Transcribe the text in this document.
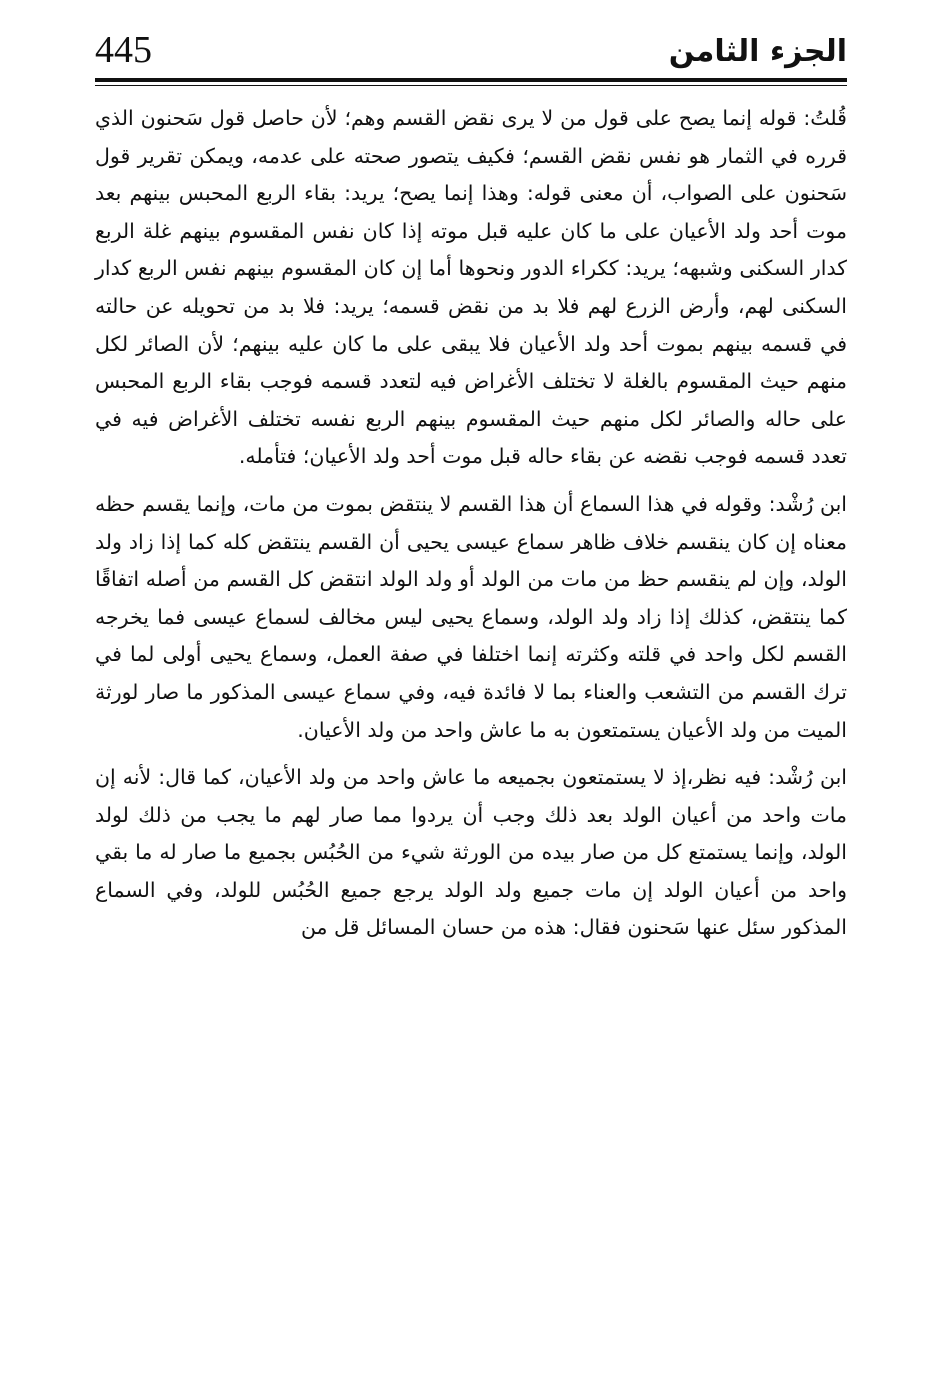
445	الجزء الثامن

قُلتُ: قوله إنما يصح على قول من لا يرى نقض القسم وهم؛ لأن حاصل قول سَحنون الذي قرره في الثمار هو نفس نقض القسم؛ فكيف يتصور صحته على عدمه، ويمكن تقرير قول سَحنون على الصواب، أن معنى قوله: وهذا إنما يصح؛ يريد: بقاء الربع المحبس بينهم بعد موت أحد ولد الأعيان على ما كان عليه قبل موته إذا كان نفس المقسوم بينهم غلة الربع كدار السكنى وشبهه؛ يريد: ككراء الدور ونحوها أما إن كان المقسوم بينهم نفس الربع كدار السكنى لهم، وأرض الزرع لهم فلا بد من نقض قسمه؛ يريد: فلا بد من تحويله عن حالته في قسمه بينهم بموت أحد ولد الأعيان فلا يبقى على ما كان عليه بينهم؛ لأن الصائر لكل منهم حيث المقسوم بالغلة لا تختلف الأغراض فيه لتعدد قسمه فوجب بقاء الربع المحبس على حاله والصائر لكل منهم حيث المقسوم بينهم الربع نفسه تختلف الأغراض فيه في تعدد قسمه فوجب نقضه عن بقاء حاله قبل موت أحد ولد الأعيان؛ فتأمله.

ابن رُشْد: وقوله في هذا السماع أن هذا القسم لا ينتقض بموت من مات، وإنما يقسم حظه معناه إن كان ينقسم خلاف ظاهر سماع عيسى يحيى أن القسم ينتقض كله كما إذا زاد ولد الولد، وإن لم ينقسم حظ من مات من الولد أو ولد الولد انتقض كل القسم من أصله اتفاقًا كما ينتقض، كذلك إذا زاد ولد الولد، وسماع يحيى ليس مخالف لسماع عيسى فما يخرجه القسم لكل واحد في قلته وكثرته إنما اختلفا في صفة العمل، وسماع يحيى أولى لما في ترك القسم من التشعب والعناء بما لا فائدة فيه، وفي سماع عيسى المذكور ما صار لورثة الميت من ولد الأعيان يستمتعون به ما عاش واحد من ولد الأعيان.

ابن رُشْد: فيه نظر،إذ لا يستمتعون بجميعه ما عاش واحد من ولد الأعيان، كما قال: لأنه إن مات واحد من أعيان الولد بعد ذلك وجب أن يردوا مما صار لهم ما يجب من ذلك لولد الولد، وإنما يستمتع كل من صار بيده من الورثة شيء من الحُبُس بجميع ما صار له ما بقي واحد من أعيان الولد إن مات جميع ولد الولد يرجع جميع الحُبُس للولد، وفي السماع المذكور سئل عنها سَحنون فقال: هذه من حسان المسائل قل من
